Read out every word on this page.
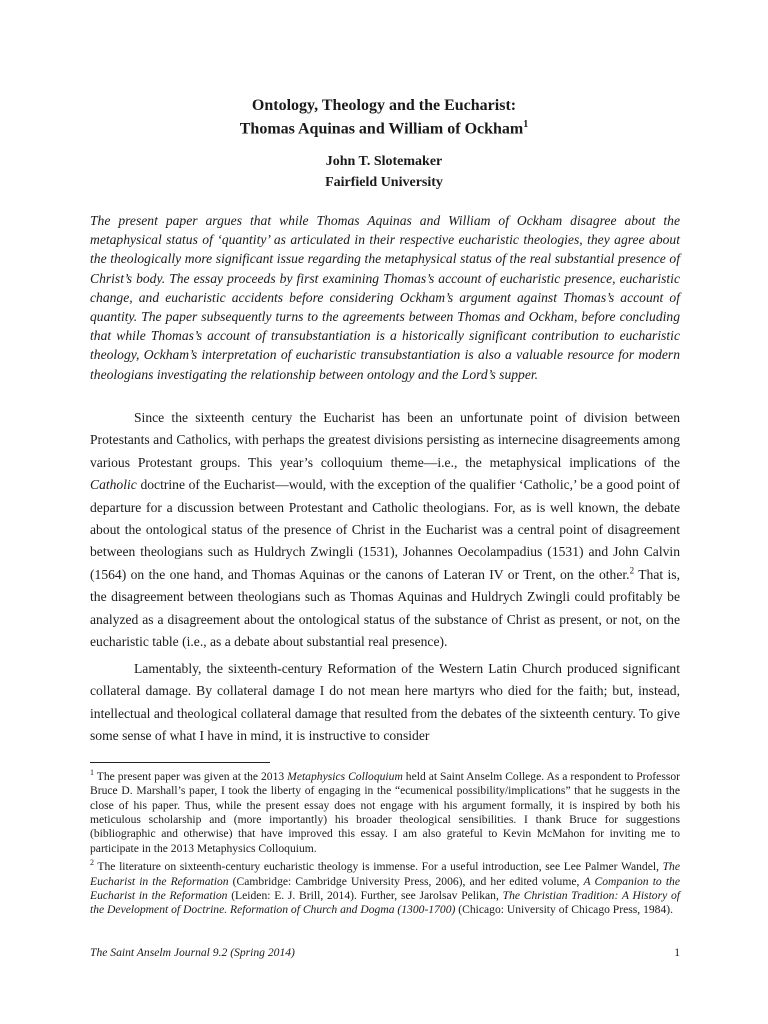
Ontology, Theology and the Eucharist:
Thomas Aquinas and William of Ockham$^1$
John T. Slotemaker
Fairfield University

The present paper argues that while Thomas Aquinas and William of Ockham disagree about the metaphysical status of ‘quantity’ as articulated in their respective eucharistic theologies, they agree about the theologically more significant issue regarding the metaphysical status of the real substantial presence of Christ’s body. The essay proceeds by first examining Thomas’s account of eucharistic presence, eucharistic change, and eucharistic accidents before considering Ockham’s argument against Thomas’s account of quantity. The paper subsequently turns to the agreements between Thomas and Ockham, before concluding that while Thomas’s account of transubstantiation is a historically significant contribution to eucharistic theology, Ockham’s interpretation of eucharistic transubstantiation is also a valuable resource for modern theologians investigating the relationship between ontology and the Lord’s supper.

Since the sixteenth century the Eucharist has been an unfortunate point of division between Protestants and Catholics, with perhaps the greatest divisions persisting as internecine disagreements among various Protestant groups. This year’s colloquium theme—i.e., the metaphysical implications of the Catholic doctrine of the Eucharist—would, with the exception of the qualifier ‘Catholic,’ be a good point of departure for a discussion between Protestant and Catholic theologians. For, as is well known, the debate about the ontological status of the presence of Christ in the Eucharist was a central point of disagreement between theologians such as Huldrych Zwingli (1531), Johannes Oecolampadius (1531) and John Calvin (1564) on the one hand, and Thomas Aquinas or the canons of Lateran IV or Trent, on the other.$^2$ That is, the disagreement between theologians such as Thomas Aquinas and Huldrych Zwingli could profitably be analyzed as a disagreement about the ontological status of the substance of Christ as present, or not, on the eucharistic table (i.e., as a debate about substantial real presence).

Lamentably, the sixteenth-century Reformation of the Western Latin Church produced significant collateral damage. By collateral damage I do not mean here martyrs who died for the faith; but, instead, intellectual and theological collateral damage that resulted from the debates of the sixteenth century. To give some sense of what I have in mind, it is instructive to consider

$^1$ The present paper was given at the 2013 Metaphysics Colloquium held at Saint Anselm College. As a respondent to Professor Bruce D. Marshall’s paper, I took the liberty of engaging in the “ecumenical possibility/implications” that he suggests in the close of his paper. Thus, while the present essay does not engage with his argument formally, it is inspired by both his meticulous scholarship and (more importantly) his broader theological sensibilities. I thank Bruce for suggestions (bibliographic and otherwise) that have improved this essay. I am also grateful to Kevin McMahon for inviting me to participate in the 2013 Metaphysics Colloquium.

$^2$ The literature on sixteenth-century eucharistic theology is immense. For a useful introduction, see Lee Palmer Wandel, The Eucharist in the Reformation (Cambridge: Cambridge University Press, 2006), and her edited volume, A Companion to the Eucharist in the Reformation (Leiden: E. J. Brill, 2014). Further, see Jarolsav Pelikan, The Christian Tradition: A History of the Development of Doctrine. Reformation of Church and Dogma (1300-1700) (Chicago: University of Chicago Press, 1984).

The Saint Anselm Journal 9.2 (Spring 2014)	1
